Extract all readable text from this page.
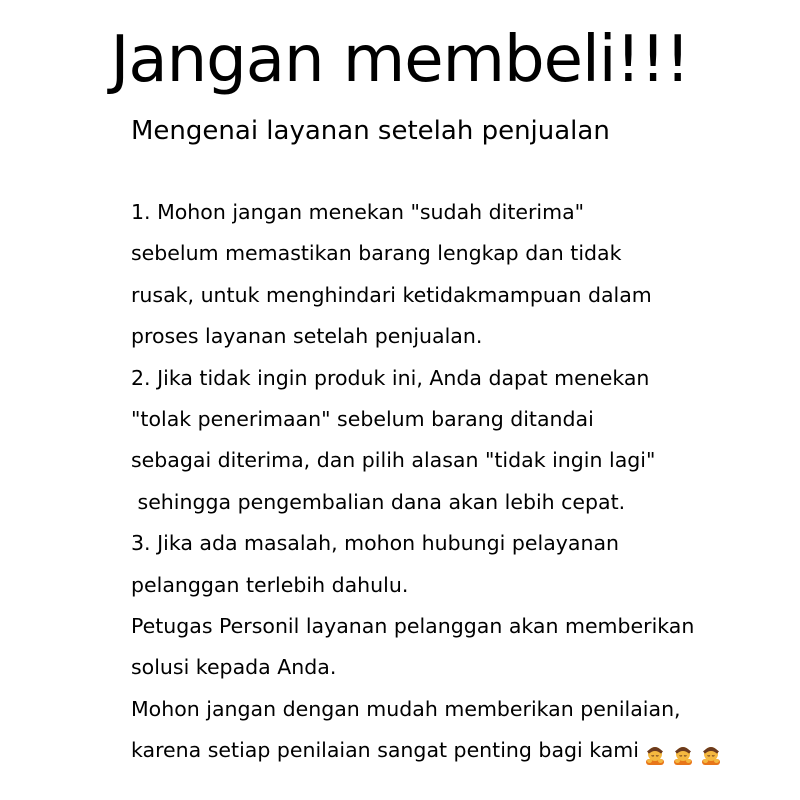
Jangan membeli!!!
Mengenai layanan setelah penjualan
1. Mohon jangan menekan "sudah diterima"
sebelum memastikan barang lengkap dan tidak
rusak, untuk menghindari ketidakmampuan dalam
proses layanan setelah penjualan.
2. Jika tidak ingin produk ini, Anda dapat menekan
"tolak penerimaan" sebelum barang ditandai
sebagai diterima, dan pilih alasan "tidak ingin lagi"
sehingga pengembalian dana akan lebih cepat.
3. Jika ada masalah, mohon hubungi pelayanan
pelanggan terlebih dahulu.
Petugas Personil layanan pelanggan akan memberikan
solusi kepada Anda.
Mohon jangan dengan mudah memberikan penilaian,
karena setiap penilaian sangat penting bagi kami
